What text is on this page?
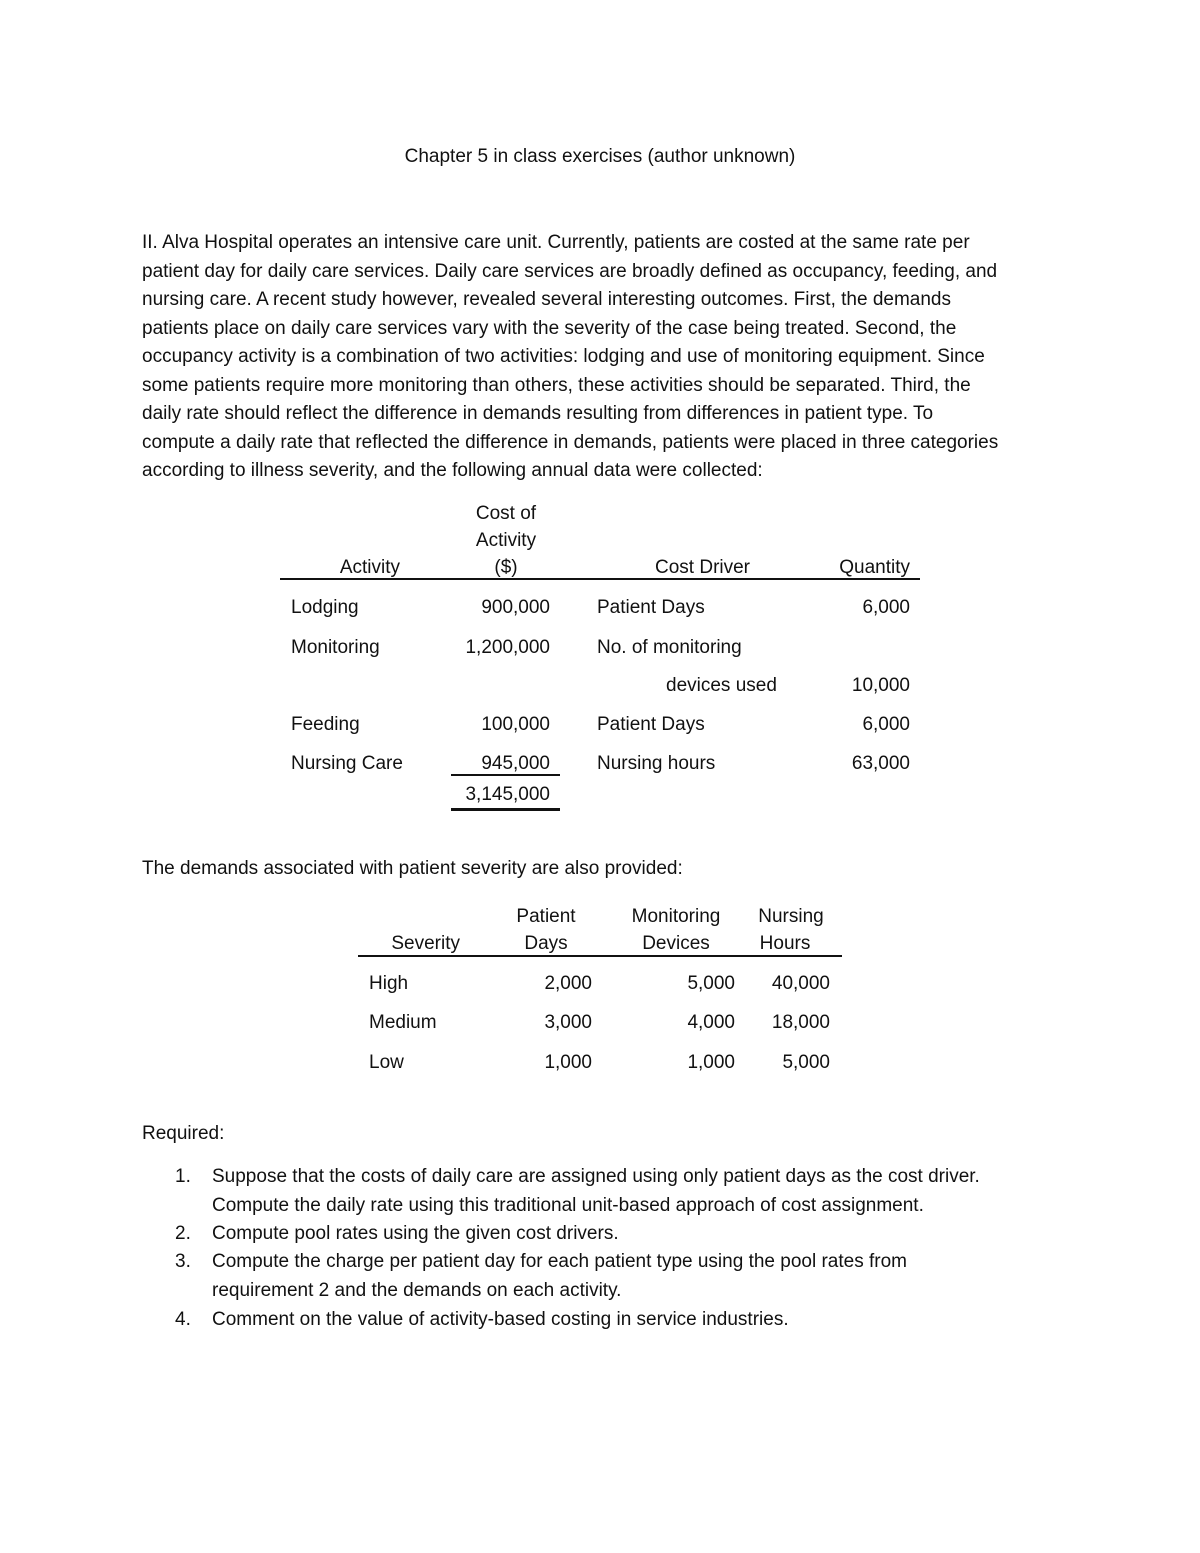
Chapter 5 in class exercises (author unknown)
II. Alva Hospital operates an intensive care unit. Currently, patients are costed at the same rate per
patient day for daily care services. Daily care services are broadly defined as occupancy, feeding, and
nursing care. A recent study however, revealed several interesting outcomes. First, the demands
patients place on daily care services vary with the severity of the case being treated. Second, the
occupancy activity is a combination of two activities: lodging and use of monitoring equipment. Since
some patients require more monitoring than others, these activities should be separated. Third, the
daily rate should reflect the difference in demands resulting from differences in patient type. To
compute a daily rate that reflected the difference in demands, patients were placed in three categories
according to illness severity, and the following annual data were collected:
Cost of
Activity
($)
Activity	Cost Driver	Quantity
Lodging	900,000 Patient Days	6,000
Monitoring	1,200,000 No. of monitoring
devices used	10,000
Feeding	100,000 Patient Days	6,000
Nursing Care	945,000 Nursing hours	63,000
3,145,000
The demands associated with patient severity are also provided:
Patient	Monitoring	Nursing
Severity	Days	Devices	Hours
High	2,000	5,000	40,000
Medium	3,000	4,000	18,000
Low	1,000	1,000	5,000
Required:
1.	Suppose that the costs of daily care are assigned using only patient days as the cost driver.
Compute the daily rate using this traditional unit-based approach of cost assignment.
2.	Compute pool rates using the given cost drivers.
3.	Compute the charge per patient day for each patient type using the pool rates from
requirement 2 and the demands on each activity.
4.	Comment on the value of activity-based costing in service industries.
